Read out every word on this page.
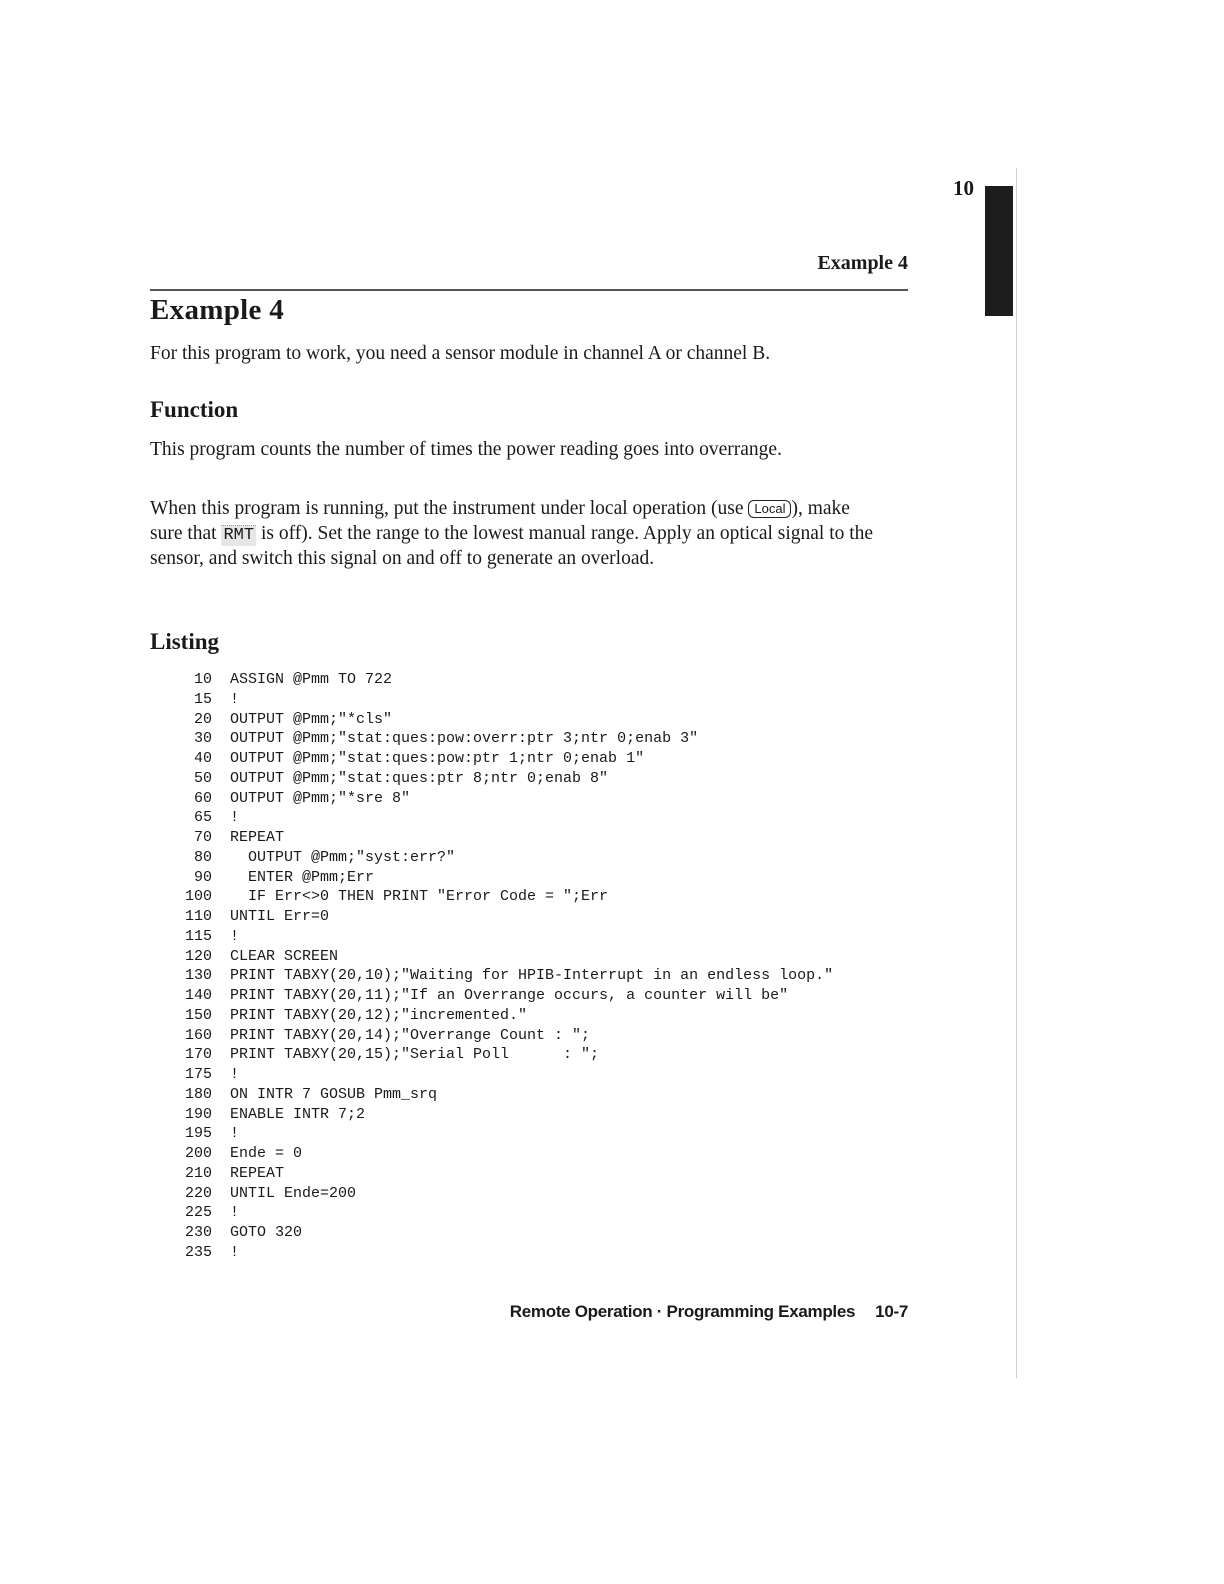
10
Example 4
Example 4

For this program to work, you need a sensor module in channel A or channel B.

Function

This program counts the number of times the power reading goes into overrange.

When this program is running, put the instrument under local operation (use Local ), make sure that RMT is off). Set the range to the lowest manual range. Apply an optical signal to the sensor, and switch this signal on and off to generate an overload.

Listing
10 ASSIGN @Pmm TO 722
15 !
20 OUTPUT @Pmm;"*cls"
30 OUTPUT @Pmm;"stat:ques:pow:overr:ptr 3;ntr 0;enab 3"
40 OUTPUT @Pmm;"stat:ques:pow:ptr 1;ntr 0;enab 1"
50 OUTPUT @Pmm;"stat:ques:ptr 8;ntr 0;enab 8"
60 OUTPUT @Pmm;"*sre 8"
65 !
70 REPEAT
80  OUTPUT @Pmm;"syst:err?"
90  ENTER @Pmm;Err
100  IF Err<>0 THEN PRINT "Error Code = ";Err
110 UNTIL Err=0
115 !
120 CLEAR SCREEN
130 PRINT TABXY(20,10);"Waiting for HPIB-Interrupt in an endless loop."
140 PRINT TABXY(20,11);"If an Overrange occurs, a counter will be"
150 PRINT TABXY(20,12);"incremented."
160 PRINT TABXY(20,14);"Overrange Count : ";
170 PRINT TABXY(20,15);"Serial Poll      : ";
175 !
180 ON INTR 7 GOSUB Pmm_srq
190 ENABLE INTR 7;2
195 !
200 Ende = 0
210 REPEAT
220 UNTIL Ende=200
225 !
230 GOTO 320
235 !
Remote Operation · Programming Examples 10-7
